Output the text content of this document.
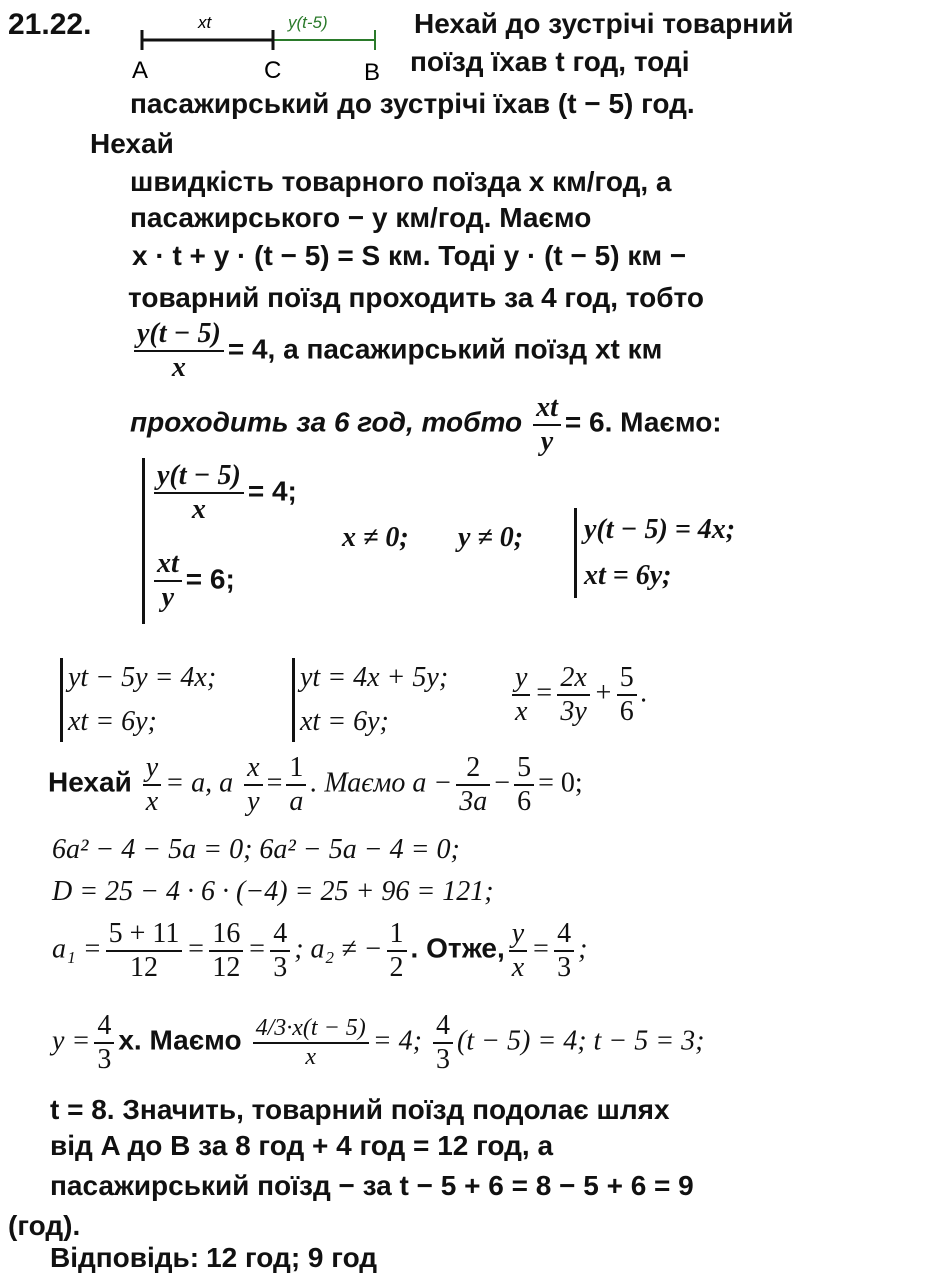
21.22.	xt	y(t-5)
A	C	B
Нехай до зустрічі товарний
поїзд їхав t год, тоді
пасажирський до зустрічі їхав (t − 5) год.
Нехай
швидкість товарного поїзда x км/год, а
пасажирського − y км/год. Маємо
x · t + y · (t − 5) = S км. Тоді y · (t − 5) км −
товарний поїзд проходить за 4 год, тобто
$\frac{y(t - 5)}{x} = 4$, а пасажирський поїзд xt км
проходить за 6 год, тобто $\frac{xt}{y} = 6$. Маємо:
$\frac{y(t - 5)}{x} = 4$;
$\frac{xt}{y} = 6$;
x ≠ 0; y ≠ 0; y(t − 5) = 4x;
xt = 6y;
yt − 5y = 4x;
xt = 6y;
yt = 4x + 5y;
xt = 6y;	$\frac{y}{x} = \frac{2x}{3y} + \frac{5}{6}$ .
Нехай $\frac{y}{x} = a$, а $\frac{x}{y} = \frac{1}{a}$ . Маємо $a - \frac{2}{3a} - \frac{5}{6} = 0$;
6a² − 4 − 5a = 0; 6a² − 5a − 4 = 0;
D = 25 − 4 · 6 · (−4) = 25 + 96 = 121;
$a_1 = \frac{5 + 11}{12} = \frac{16}{12} = \frac{4}{3}$ ; a₂ ≠ − $\frac{1}{2}$ . Отже, $\frac{y}{x} = \frac{4}{3}$ ;
$y = \frac{4}{3} x$. Маємо $\frac{4/3\cdot x(t - 5)}{x} = 4$; $\frac{4}{3} (t - 5) = 4$; t − 5 = 3;
t = 8. Значить, товарний поїзд подолає шлях
від A до B за 8 год + 4 год = 12 год, а
пасажирський поїзд − за t − 5 + 6 = 8 − 5 + 6 = 9
(год).
Відповідь: 12 год; 9 год
